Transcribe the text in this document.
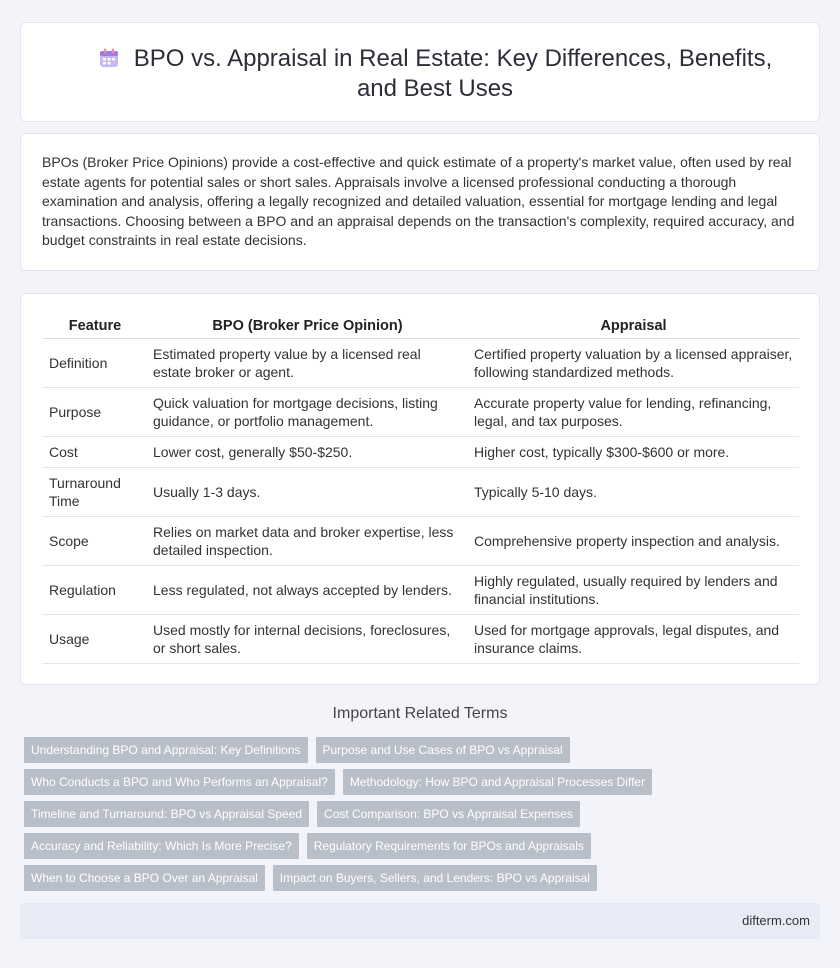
BPO vs. Appraisal in Real Estate: Key Differences, Benefits, and Best Uses

BPOs (Broker Price Opinions) provide a cost-effective and quick estimate of a property's market value, often used by real estate agents for potential sales or short sales. Appraisals involve a licensed professional conducting a thorough examination and analysis, offering a legally recognized and detailed valuation, essential for mortgage lending and legal transactions. Choosing between a BPO and an appraisal depends on the transaction's complexity, required accuracy, and budget constraints in real estate decisions.

Feature	BPO (Broker Price Opinion)	Appraisal
Definition	Estimated property value by a licensed real estate broker or agent.	Certified property valuation by a licensed appraiser, following standardized methods.
Purpose	Quick valuation for mortgage decisions, listing guidance, or portfolio management.	Accurate property value for lending, refinancing, legal, and tax purposes.
Cost	Lower cost, generally $50-$250.	Higher cost, typically $300-$600 or more.
Turnaround Time	Usually 1-3 days.	Typically 5-10 days.
Scope	Relies on market data and broker expertise, less detailed inspection.	Comprehensive property inspection and analysis.
Regulation	Less regulated, not always accepted by lenders.	Highly regulated, usually required by lenders and financial institutions.
Usage	Used mostly for internal decisions, foreclosures, or short sales.	Used for mortgage approvals, legal disputes, and insurance claims.
Important Related Terms
Understanding BPO and Appraisal: Key Definitions Purpose and Use Cases of BPO vs Appraisal
Who Conducts a BPO and Who Performs an Appraisal? Methodology: How BPO and Appraisal Processes Differ
Timeline and Turnaround: BPO vs Appraisal Speed Cost Comparison: BPO vs Appraisal Expenses
Accuracy and Reliability: Which Is More Precise? Regulatory Requirements for BPOs and Appraisals
When to Choose a BPO Over an Appraisal Impact on Buyers, Sellers, and Lenders: BPO vs Appraisal
difterm.com
